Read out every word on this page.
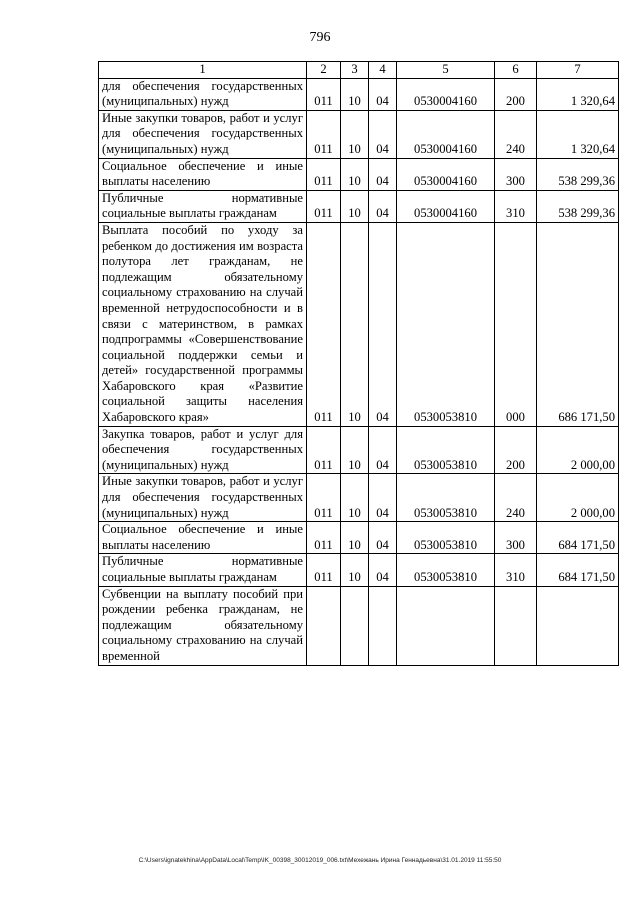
796
1	2	3	4	5	6	7
для обеспечения государственных (муниципальных) нужд	011	10	04	0530004160	200	1 320,64
Иные закупки товаров, работ и услуг для обеспечения государственных (муниципальных) нужд	011	10	04	0530004160	240	1 320,64
Социальное обеспечение и иные выплаты населению	011	10	04	0530004160	300	538 299,36
Публичные нормативные социальные выплаты гражданам	011	10	04	0530004160	310	538 299,36
Выплата пособий по уходу за ребенком до достижения им возраста полутора лет гражданам, не подлежащим обязательному социальному страхованию на случай временной нетрудоспособности и в связи с материнством, в рамках подпрограммы «Совершенствование социальной поддержки семьи и детей» государственной программы Хабаровского края «Развитие социальной защиты населения Хабаровского края»	011	10	04	0530053810	000	686 171,50
Закупка товаров, работ и услуг для обеспечения государственных (муниципальных) нужд	011	10	04	0530053810	200	2 000,00
Иные закупки товаров, работ и услуг для обеспечения государственных (муниципальных) нужд	011	10	04	0530053810	240	2 000,00
Социальное обеспечение и иные выплаты населению	011	10	04	0530053810	300	684 171,50
Публичные нормативные социальные выплаты гражданам	011	10	04	0530053810	310	684 171,50
Субвенции на выплату пособий при рождении ребенка гражданам, не подлежащим обязательному социальному страхованию на случай временной						
C:\Users\ignatekhina\AppData\Local\Temp\IK_00398_30012019_006.txt\Мехежань Ирина Геннадьевна\31.01.2019 11:55:50
